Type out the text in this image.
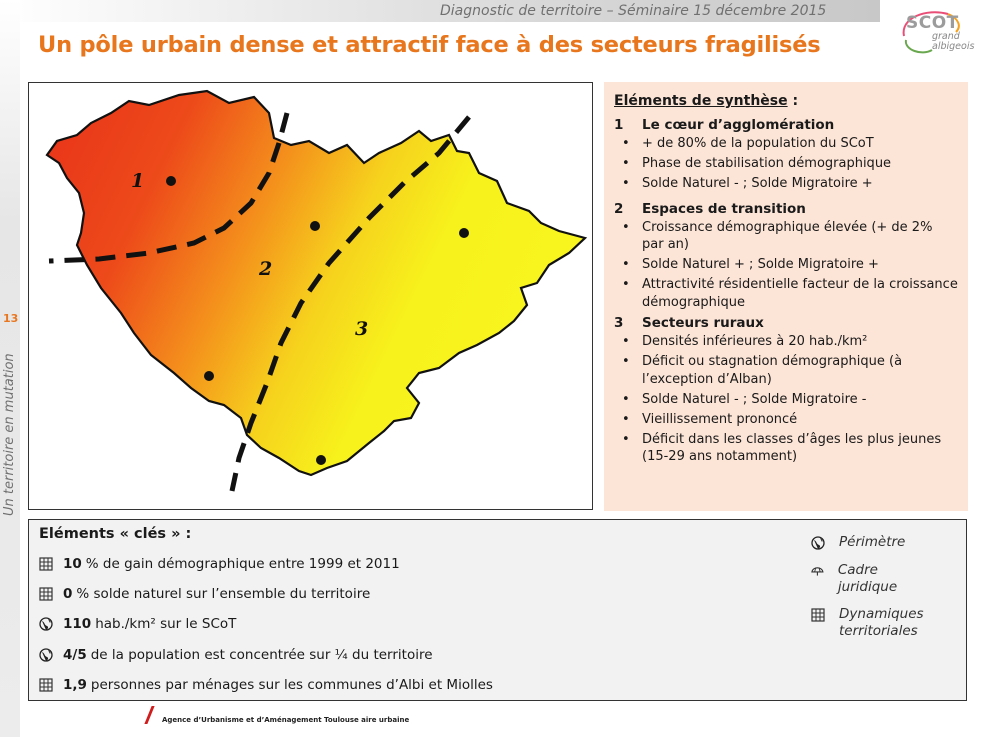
Diagnostic de territoire – Séminaire 15 décembre 2015
13
Un territoire en mutation
Un pôle urbain dense et attractif face à des secteurs fragilisés
SCOT
grand
albigeois
1
2
3
Eléments de synthèse :
1	Le cœur d’agglomération
• + de 80% de la population du SCoT
• Phase de stabilisation démographique
• Solde Naturel - ; Solde Migratoire +
2	Espaces de transition
• Croissance démographique élevée (+ de 2% par an)
• Solde Naturel + ; Solde Migratoire +
• Attractivité résidentielle facteur de la croissance démographique
3	Secteurs ruraux
• Densités inférieures à 20 hab./km²
• Déficit ou stagnation démographique (à l’exception d’Alban)
• Solde Naturel - ; Solde Migratoire -
• Vieillissement prononcé
• Déficit dans les classes d’âges les plus jeunes (15-29 ans notamment)
Eléments « clés » :
10 % de gain démographique entre 1999 et 2011
0 % solde naturel sur l’ensemble du territoire
110 hab./km² sur le SCoT
4/5 de la population est concentrée sur ¼ du territoire
1,9 personnes par ménages sur les communes d’Albi et Miolles
Périmètre
Cadre juridique
Dynamiques territoriales
Agence d’Urbanisme et d’Aménagement Toulouse aire urbaine
